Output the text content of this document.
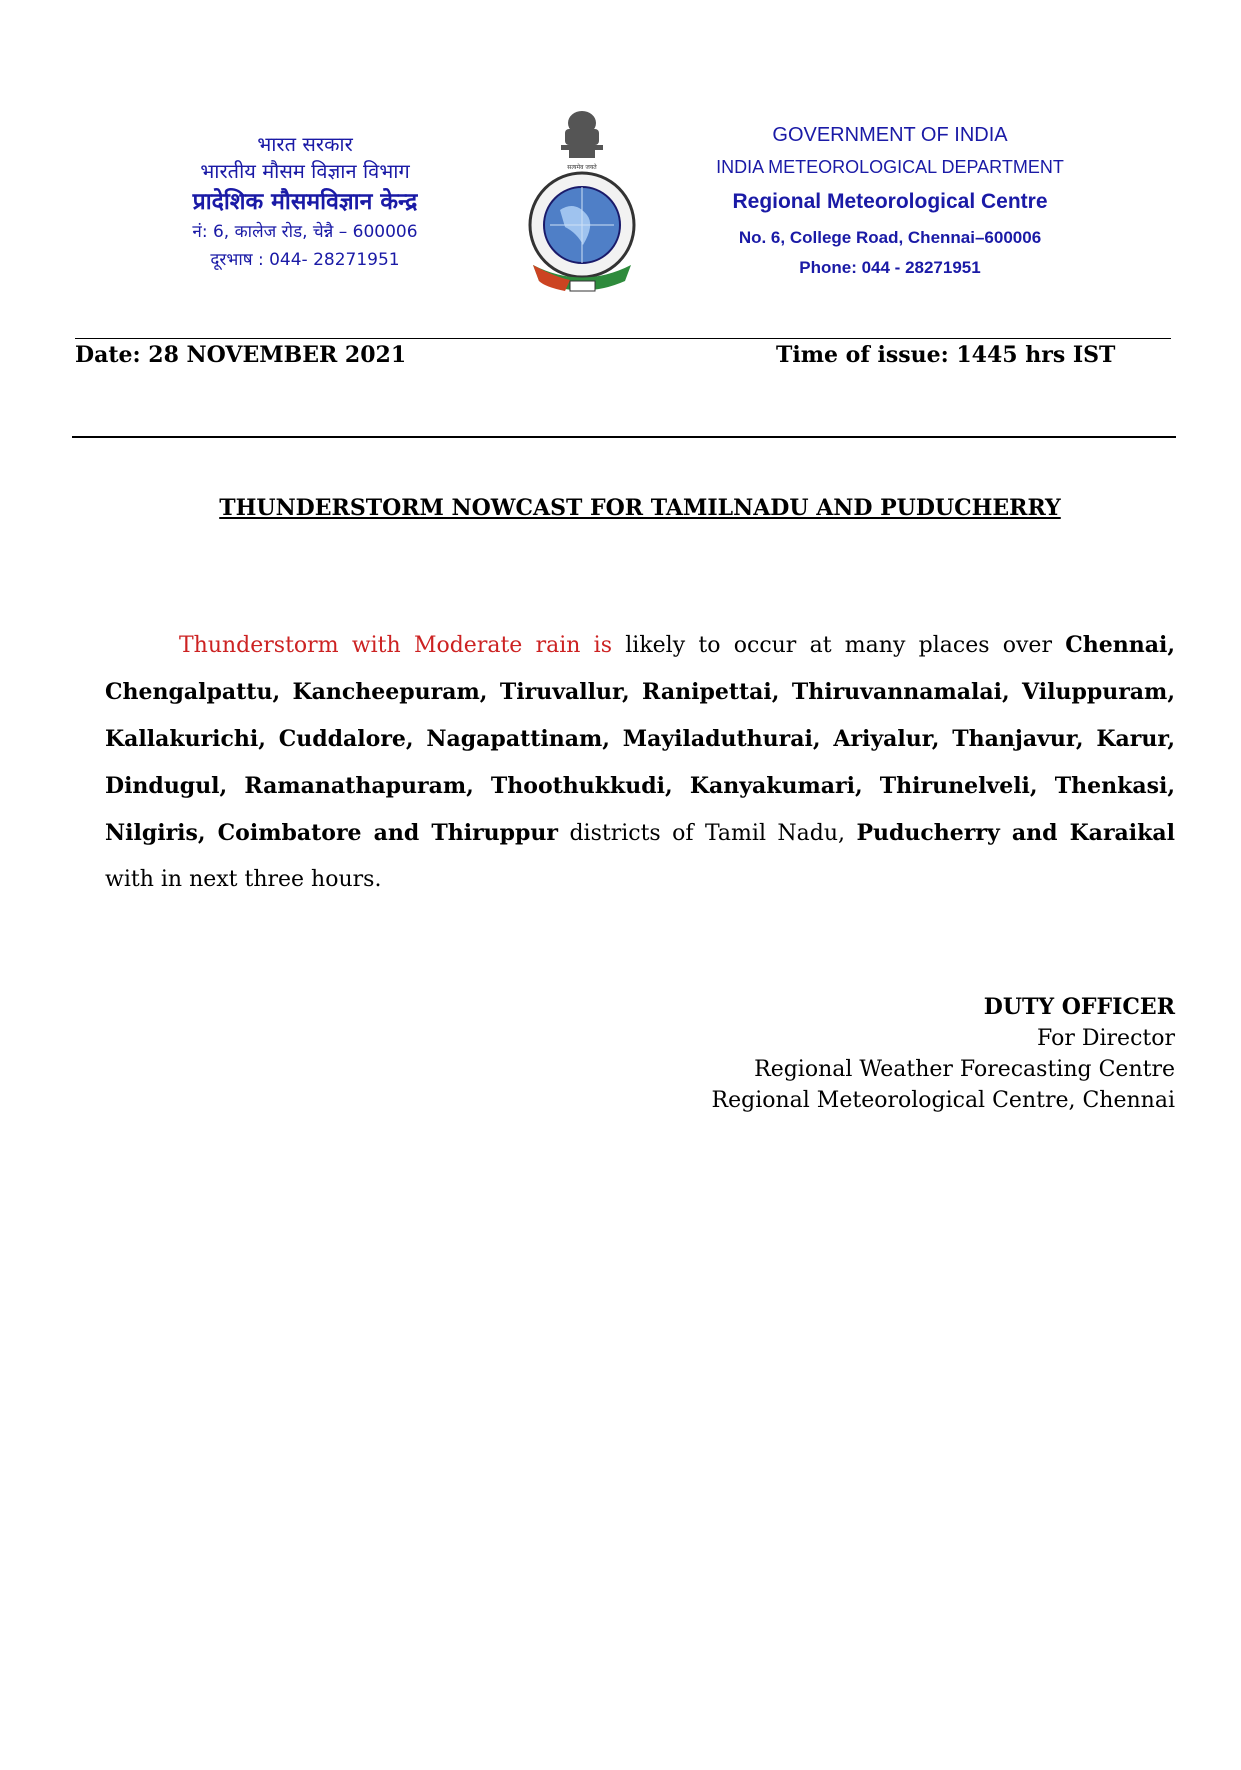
भारत सरकार
भारतीय मौसम विज्ञान विभाग
प्रादेशिक मौसमविज्ञान केन्द्र
नं: 6, कालेज रोड, चेन्नै – 600006
दूरभाष : 044- 28271951
सत्यमेव जयते
GOVERNMENT OF INDIA
INDIA METEOROLOGICAL DEPARTMENT
Regional Meteorological Centre
No. 6, College Road, Chennai–600006
Phone: 044 - 28271951
Date: 28 NOVEMBER 2021	Time of issue: 1445 hrs IST
THUNDERSTORM NOWCAST FOR TAMILNADU AND PUDUCHERRY
Thunderstorm with Moderate rain is likely to occur at many places over Chennai, Chengalpattu, Kancheepuram, Tiruvallur, Ranipettai, Thiruvannamalai, Viluppuram, Kallakurichi, Cuddalore, Nagapattinam, Mayiladuthurai, Ariyalur, Thanjavur, Karur, Dindugul, Ramanathapuram, Thoothukkudi, Kanyakumari, Thirunelveli, Thenkasi, Nilgiris, Coimbatore and Thiruppur districts of Tamil Nadu, Puducherry and Karaikal with in next three hours.
DUTY OFFICER
For Director
Regional Weather Forecasting Centre
Regional Meteorological Centre, Chennai
